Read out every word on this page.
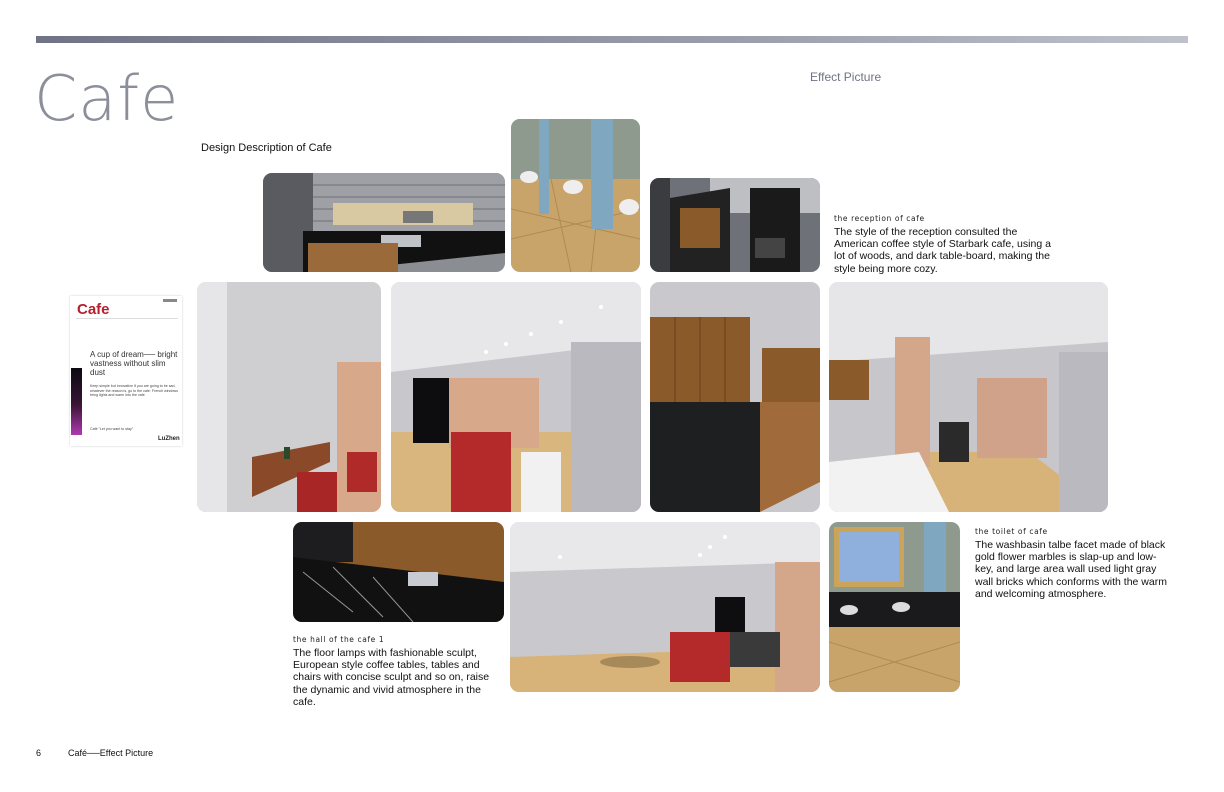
Cafe	Effect Picture
Design Description of Cafe
the reception of cafe
The style of the reception consulted the American coffee style of Starbark cafe, using a lot of woods, and dark table-board, making the style being more cozy.
the toilet of cafe
The washbasin talbe facet made of black gold flower marbles is slap-up and low-key, and large area wall used light gray wall bricks which conforms with the warm and welcoming atmosphere.
the hall of the cafe 1
The floor lamps with fashionable sculpt, European style coffee tables, tables and chairs with concise sculpt and so on, raise the dynamic and vivid atmosphere in the cafe.
Cafe
A cup of dream── bright vastness without slim dust
Keep simple but innovative If you are going to be sad, whatever the reason is, go to the cafe. French windows bring lights and warm into the cafe
Café "Let you want to stay"
LuZhen
6	Café──Effect Picture
